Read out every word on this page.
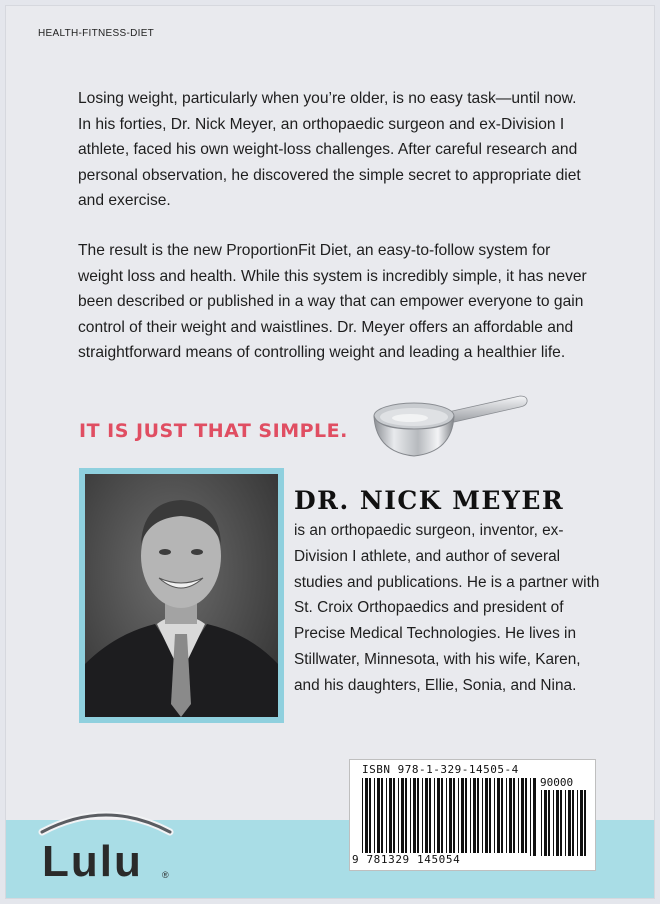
HEALTH-FITNESS-DIET

Losing weight, particularly when you’re older, is no easy task—until now. In his forties, Dr. Nick Meyer, an orthopaedic surgeon and ex-Division I athlete, faced his own weight-loss challenges. After careful research and personal observation, he discovered the simple secret to appropriate diet and exercise.

The result is the new ProportionFit Diet, an easy-to-follow system for weight loss and health. While this system is incredibly simple, it has never been described or published in a way that can empower everyone to gain control of their weight and waistlines. Dr. Meyer offers an affordable and straightforward means of controlling weight and leading a healthier life.

IT IS JUST THAT SIMPLE.
DR. NICK MEYER

is an orthopaedic surgeon, inventor, ex-Division I athlete, and author of several studies and publications. He is a partner with St. Croix Orthopaedics and president of Precise Medical Technologies. He lives in Stillwater, Minnesota, with his wife, Karen, and his daughters, Ellie, Sonia, and Nina.

Lulu ®
ISBN 978-1-329-14505-4
90000
9 781329 145054
